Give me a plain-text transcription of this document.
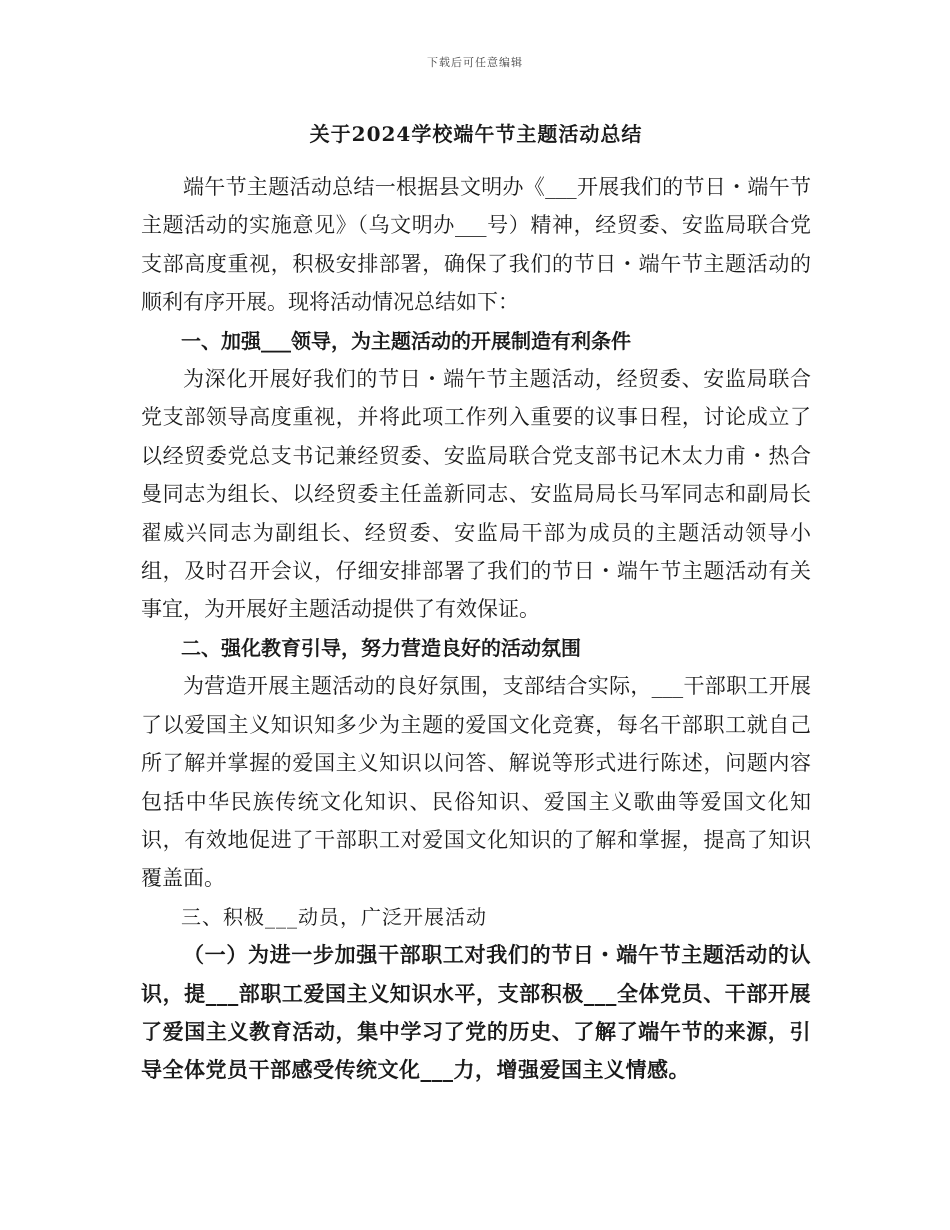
下载后可任意编辑
关于2024学校端午节主题活动总结

端午节主题活动总结一根据县文明办《___开展我们的节日・端午节主题活动的实施意见》（乌文明办___号）精神，经贸委、安监局联合党支部高度重视，积极安排部署，确保了我们的节日・端午节主题活动的顺利有序开展。现将活动情况总结如下：

一、加强___领导，为主题活动的开展制造有利条件

为深化开展好我们的节日・端午节主题活动，经贸委、安监局联合党支部领导高度重视，并将此项工作列入重要的议事日程，讨论成立了以经贸委党总支书记兼经贸委、安监局联合党支部书记木太力甫・热合曼同志为组长、以经贸委主任盖新同志、安监局局长马军同志和副局长翟威兴同志为副组长、经贸委、安监局干部为成员的主题活动领导小组，及时召开会议，仔细安排部署了我们的节日・端午节主题活动有关事宜，为开展好主题活动提供了有效保证。

二、强化教育引导，努力营造良好的活动氛围

为营造开展主题活动的良好氛围，支部结合实际，___干部职工开展了以爱国主义知识知多少为主题的爱国文化竞赛，每名干部职工就自己所了解并掌握的爱国主义知识以问答、解说等形式进行陈述，问题内容包括中华民族传统文化知识、民俗知识、爱国主义歌曲等爱国文化知识，有效地促进了干部职工对爱国文化知识的了解和掌握，提高了知识覆盖面。

三、积极___动员，广泛开展活动

（一）为进一步加强干部职工对我们的节日・端午节主题活动的认识，提___部职工爱国主义知识水平，支部积极___全体党员、干部开展了爱国主义教育活动，集中学习了党的历史、了解了端午节的来源，引导全体党员干部感受传统文化___力，增强爱国主义情感。
